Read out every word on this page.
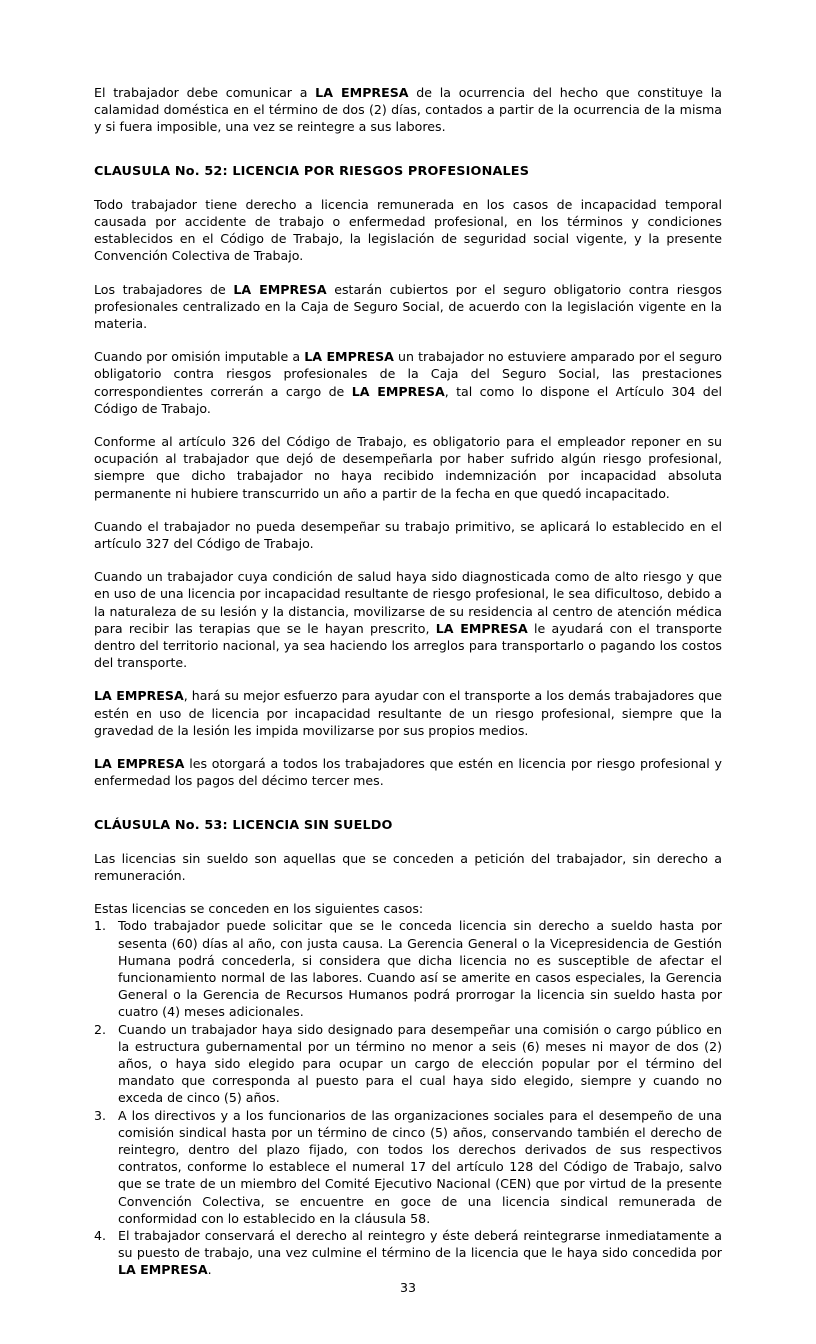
El trabajador debe comunicar a LA EMPRESA de la ocurrencia del hecho que constituye la calamidad doméstica en el término de dos (2) días, contados a partir de la ocurrencia de la misma y si fuera imposible, una vez se reintegre a sus labores.

CLAUSULA No. 52: LICENCIA POR RIESGOS PROFESIONALES

Todo trabajador tiene derecho a licencia remunerada en los casos de incapacidad temporal causada por accidente de trabajo o enfermedad profesional, en los términos y condiciones establecidos en el Código de Trabajo, la legislación de seguridad social vigente, y la presente Convención Colectiva de Trabajo.

Los trabajadores de LA EMPRESA estarán cubiertos por el seguro obligatorio contra riesgos profesionales centralizado en la Caja de Seguro Social, de acuerdo con la legislación vigente en la materia.

Cuando por omisión imputable a LA EMPRESA un trabajador no estuviere amparado por el seguro obligatorio contra riesgos profesionales de la Caja del Seguro Social, las prestaciones correspondientes correrán a cargo de LA EMPRESA, tal como lo dispone el Artículo 304 del Código de Trabajo.

Conforme al artículo 326 del Código de Trabajo, es obligatorio para el empleador reponer en su ocupación al trabajador que dejó de desempeñarla por haber sufrido algún riesgo profesional, siempre que dicho trabajador no haya recibido indemnización por incapacidad absoluta permanente ni hubiere transcurrido un año a partir de la fecha en que quedó incapacitado.

Cuando el trabajador no pueda desempeñar su trabajo primitivo, se aplicará lo establecido en el artículo 327 del Código de Trabajo.

Cuando un trabajador cuya condición de salud haya sido diagnosticada como de alto riesgo y que en uso de una licencia por incapacidad resultante de riesgo profesional, le sea dificultoso, debido a la naturaleza de su lesión y la distancia, movilizarse de su residencia al centro de atención médica para recibir las terapias que se le hayan prescrito, LA EMPRESA le ayudará con el transporte dentro del territorio nacional, ya sea haciendo los arreglos para transportarlo o pagando los costos del transporte.

LA EMPRESA, hará su mejor esfuerzo para ayudar con el transporte a los demás trabajadores que estén en uso de licencia por incapacidad resultante de un riesgo profesional, siempre que la gravedad de la lesión les impida movilizarse por sus propios medios.

LA EMPRESA les otorgará a todos los trabajadores que estén en licencia por riesgo profesional y enfermedad los pagos del décimo tercer mes.

CLÁUSULA No. 53: LICENCIA SIN SUELDO

Las licencias sin sueldo son aquellas que se conceden a petición del trabajador, sin derecho a remuneración.

Estas licencias se conceden en los siguientes casos:

1. Todo trabajador puede solicitar que se le conceda licencia sin derecho a sueldo hasta por sesenta (60) días al año, con justa causa. La Gerencia General o la Vicepresidencia de Gestión Humana podrá concederla, si considera que dicha licencia no es susceptible de afectar el funcionamiento normal de las labores. Cuando así se amerite en casos especiales, la Gerencia General o la Gerencia de Recursos Humanos podrá prorrogar la licencia sin sueldo hasta por cuatro (4) meses adicionales.
2. Cuando un trabajador haya sido designado para desempeñar una comisión o cargo público en la estructura gubernamental por un término no menor a seis (6) meses ni mayor de dos (2) años, o haya sido elegido para ocupar un cargo de elección popular por el término del mandato que corresponda al puesto para el cual haya sido elegido, siempre y cuando no exceda de cinco (5) años.
3. A los directivos y a los funcionarios de las organizaciones sociales para el desempeño de una comisión sindical hasta por un término de cinco (5) años, conservando también el derecho de reintegro, dentro del plazo fijado, con todos los derechos derivados de sus respectivos contratos, conforme lo establece el numeral 17 del artículo 128 del Código de Trabajo, salvo que se trate de un miembro del Comité Ejecutivo Nacional (CEN) que por virtud de la presente Convención Colectiva, se encuentre en goce de una licencia sindical remunerada de conformidad con lo establecido en la cláusula 58.
4. El trabajador conservará el derecho al reintegro y éste deberá reintegrarse inmediatamente a su puesto de trabajo, una vez culmine el término de la licencia que le haya sido concedida por LA EMPRESA.
33
